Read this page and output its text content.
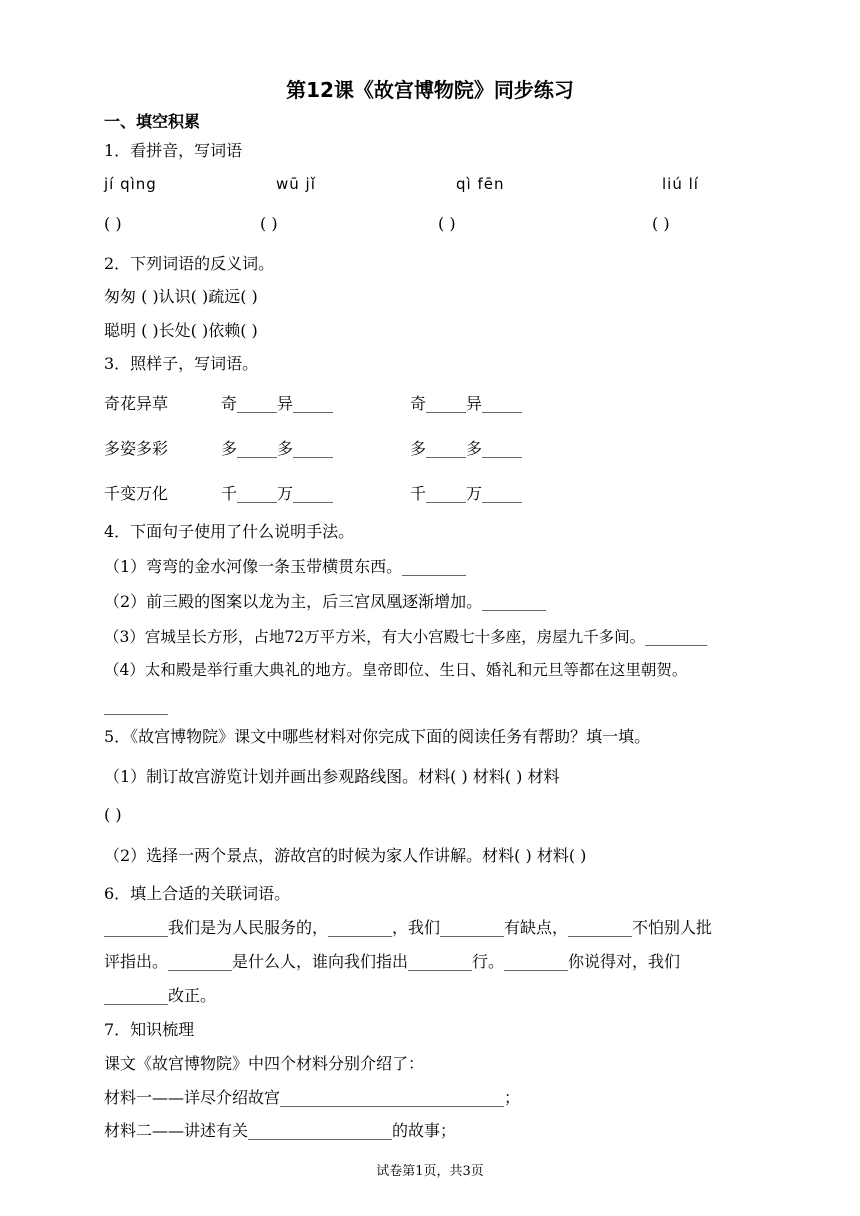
第12课《故宫博物院》同步练习
一、填空积累
1．看拼音，写词语
jí qìng	wū jǐ	qì fēn	liú lí
( )	( )	( )	( )
2．下列词语的反义词。
匆匆 ( )认识( )疏远( )
聪明 ( )长处( )依赖( )
3．照样子，写词语。
奇花异草	奇_____异_____	奇_____异_____
多姿多彩	多_____多_____	多_____多_____
千变万化	千_____万_____	千_____万_____
4．下面句子使用了什么说明手法。
（1）弯弯的金水河像一条玉带横贯东西。________
（2）前三殿的图案以龙为主，后三宫凤凰逐渐增加。________
（3）宫城呈长方形，占地72万平方米，有大小宫殿七十多座，房屋九千多间。________
（4）太和殿是举行重大典礼的地方。皇帝即位、生日、婚礼和元旦等都在这里朝贺。
________
5．《故宫博物院》课文中哪些材料对你完成下面的阅读任务有帮助？填一填。
（1）制订故宫游览计划并画出参观路线图。材料( ) 材料( ) 材料
( )
（2）选择一两个景点，游故宫的时候为家人作讲解。材料( ) 材料( )
6．填上合适的关联词语。
________我们是为人民服务的，________，我们________有缺点，________不怕别人批
评指出。________是什么人，谁向我们指出________行。________你说得对，我们
________改正。
7．知识梳理
课文《故宫博物院》中四个材料分别介绍了：
材料一——详尽介绍故宫____________________________；
材料二——讲述有关__________________的故事；
试卷第1页，共3页
